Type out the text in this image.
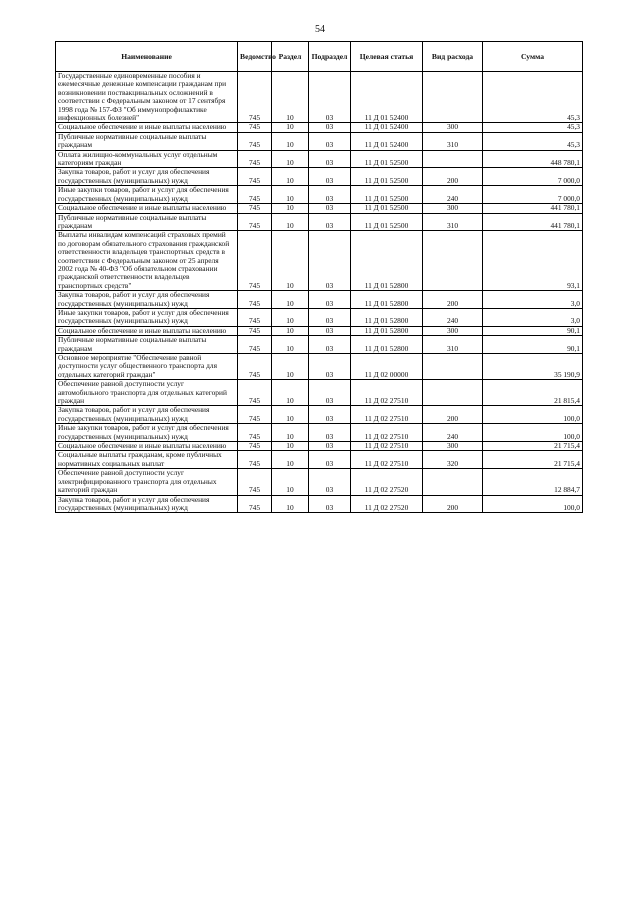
54
Наименование	Ведомство	Раздел	Подраздел	Целевая статья	Вид расхода	Сумма
Государственные единовременные пособия и ежемесячные денежные компенсации гражданам при возникновении поствакцинальных осложнений в соответствии с Федеральным законом от 17 сентября 1998 года № 157-ФЗ "Об иммунопрофилактике инфекционных болезней"	745	10	03	11 Д 01 52400		45,3
Социальное обеспечение и иные выплаты населению	745	10	03	11 Д 01 52400	300	45,3
Публичные нормативные социальные выплаты гражданам	745	10	03	11 Д 01 52400	310	45,3
Оплата жилищно-коммунальных услуг отдельным категориям граждан	745	10	03	11 Д 01 52500		448 780,1
Закупка товаров, работ и услуг для обеспечения государственных (муниципальных) нужд	745	10	03	11 Д 01 52500	200	7 000,0
Иные закупки товаров, работ и услуг для обеспечения государственных (муниципальных) нужд	745	10	03	11 Д 01 52500	240	7 000,0
Социальное обеспечение и иные выплаты населению	745	10	03	11 Д 01 52500	300	441 780,1
Публичные нормативные социальные выплаты гражданам	745	10	03	11 Д 01 52500	310	441 780,1
Выплаты инвалидам компенсаций страховых премий по договорам обязательного страхования гражданской ответственности владельцев транспортных средств в соответствии с Федеральным законом от 25 апреля 2002 года № 40-ФЗ "Об обязательном страховании гражданской ответственности владельцев транспортных средств"	745	10	03	11 Д 01 52800		93,1
Закупка товаров, работ и услуг для обеспечения государственных (муниципальных) нужд	745	10	03	11 Д 01 52800	200	3,0
Иные закупки товаров, работ и услуг для обеспечения государственных (муниципальных) нужд	745	10	03	11 Д 01 52800	240	3,0
Социальное обеспечение и иные выплаты населению	745	10	03	11 Д 01 52800	300	90,1
Публичные нормативные социальные выплаты гражданам	745	10	03	11 Д 01 52800	310	90,1
Основное мероприятие "Обеспечение равной доступности услуг общественного транспорта для отдельных категорий граждан"	745	10	03	11 Д 02 00000		35 190,9
Обеспечение равной доступности услуг автомобильного транспорта для отдельных категорий граждан	745	10	03	11 Д 02 27510		21 815,4
Закупка товаров, работ и услуг для обеспечения государственных (муниципальных) нужд	745	10	03	11 Д 02 27510	200	100,0
Иные закупки товаров, работ и услуг для обеспечения государственных (муниципальных) нужд	745	10	03	11 Д 02 27510	240	100,0
Социальное обеспечение и иные выплаты населению	745	10	03	11 Д 02 27510	300	21 715,4
Социальные выплаты гражданам, кроме публичных нормативных социальных выплат	745	10	03	11 Д 02 27510	320	21 715,4
Обеспечение равной доступности услуг электрифицированного транспорта для отдельных категорий граждан	745	10	03	11 Д 02 27520		12 884,7
Закупка товаров, работ и услуг для обеспечения государственных (муниципальных) нужд	745	10	03	11 Д 02 27520	200	100,0
